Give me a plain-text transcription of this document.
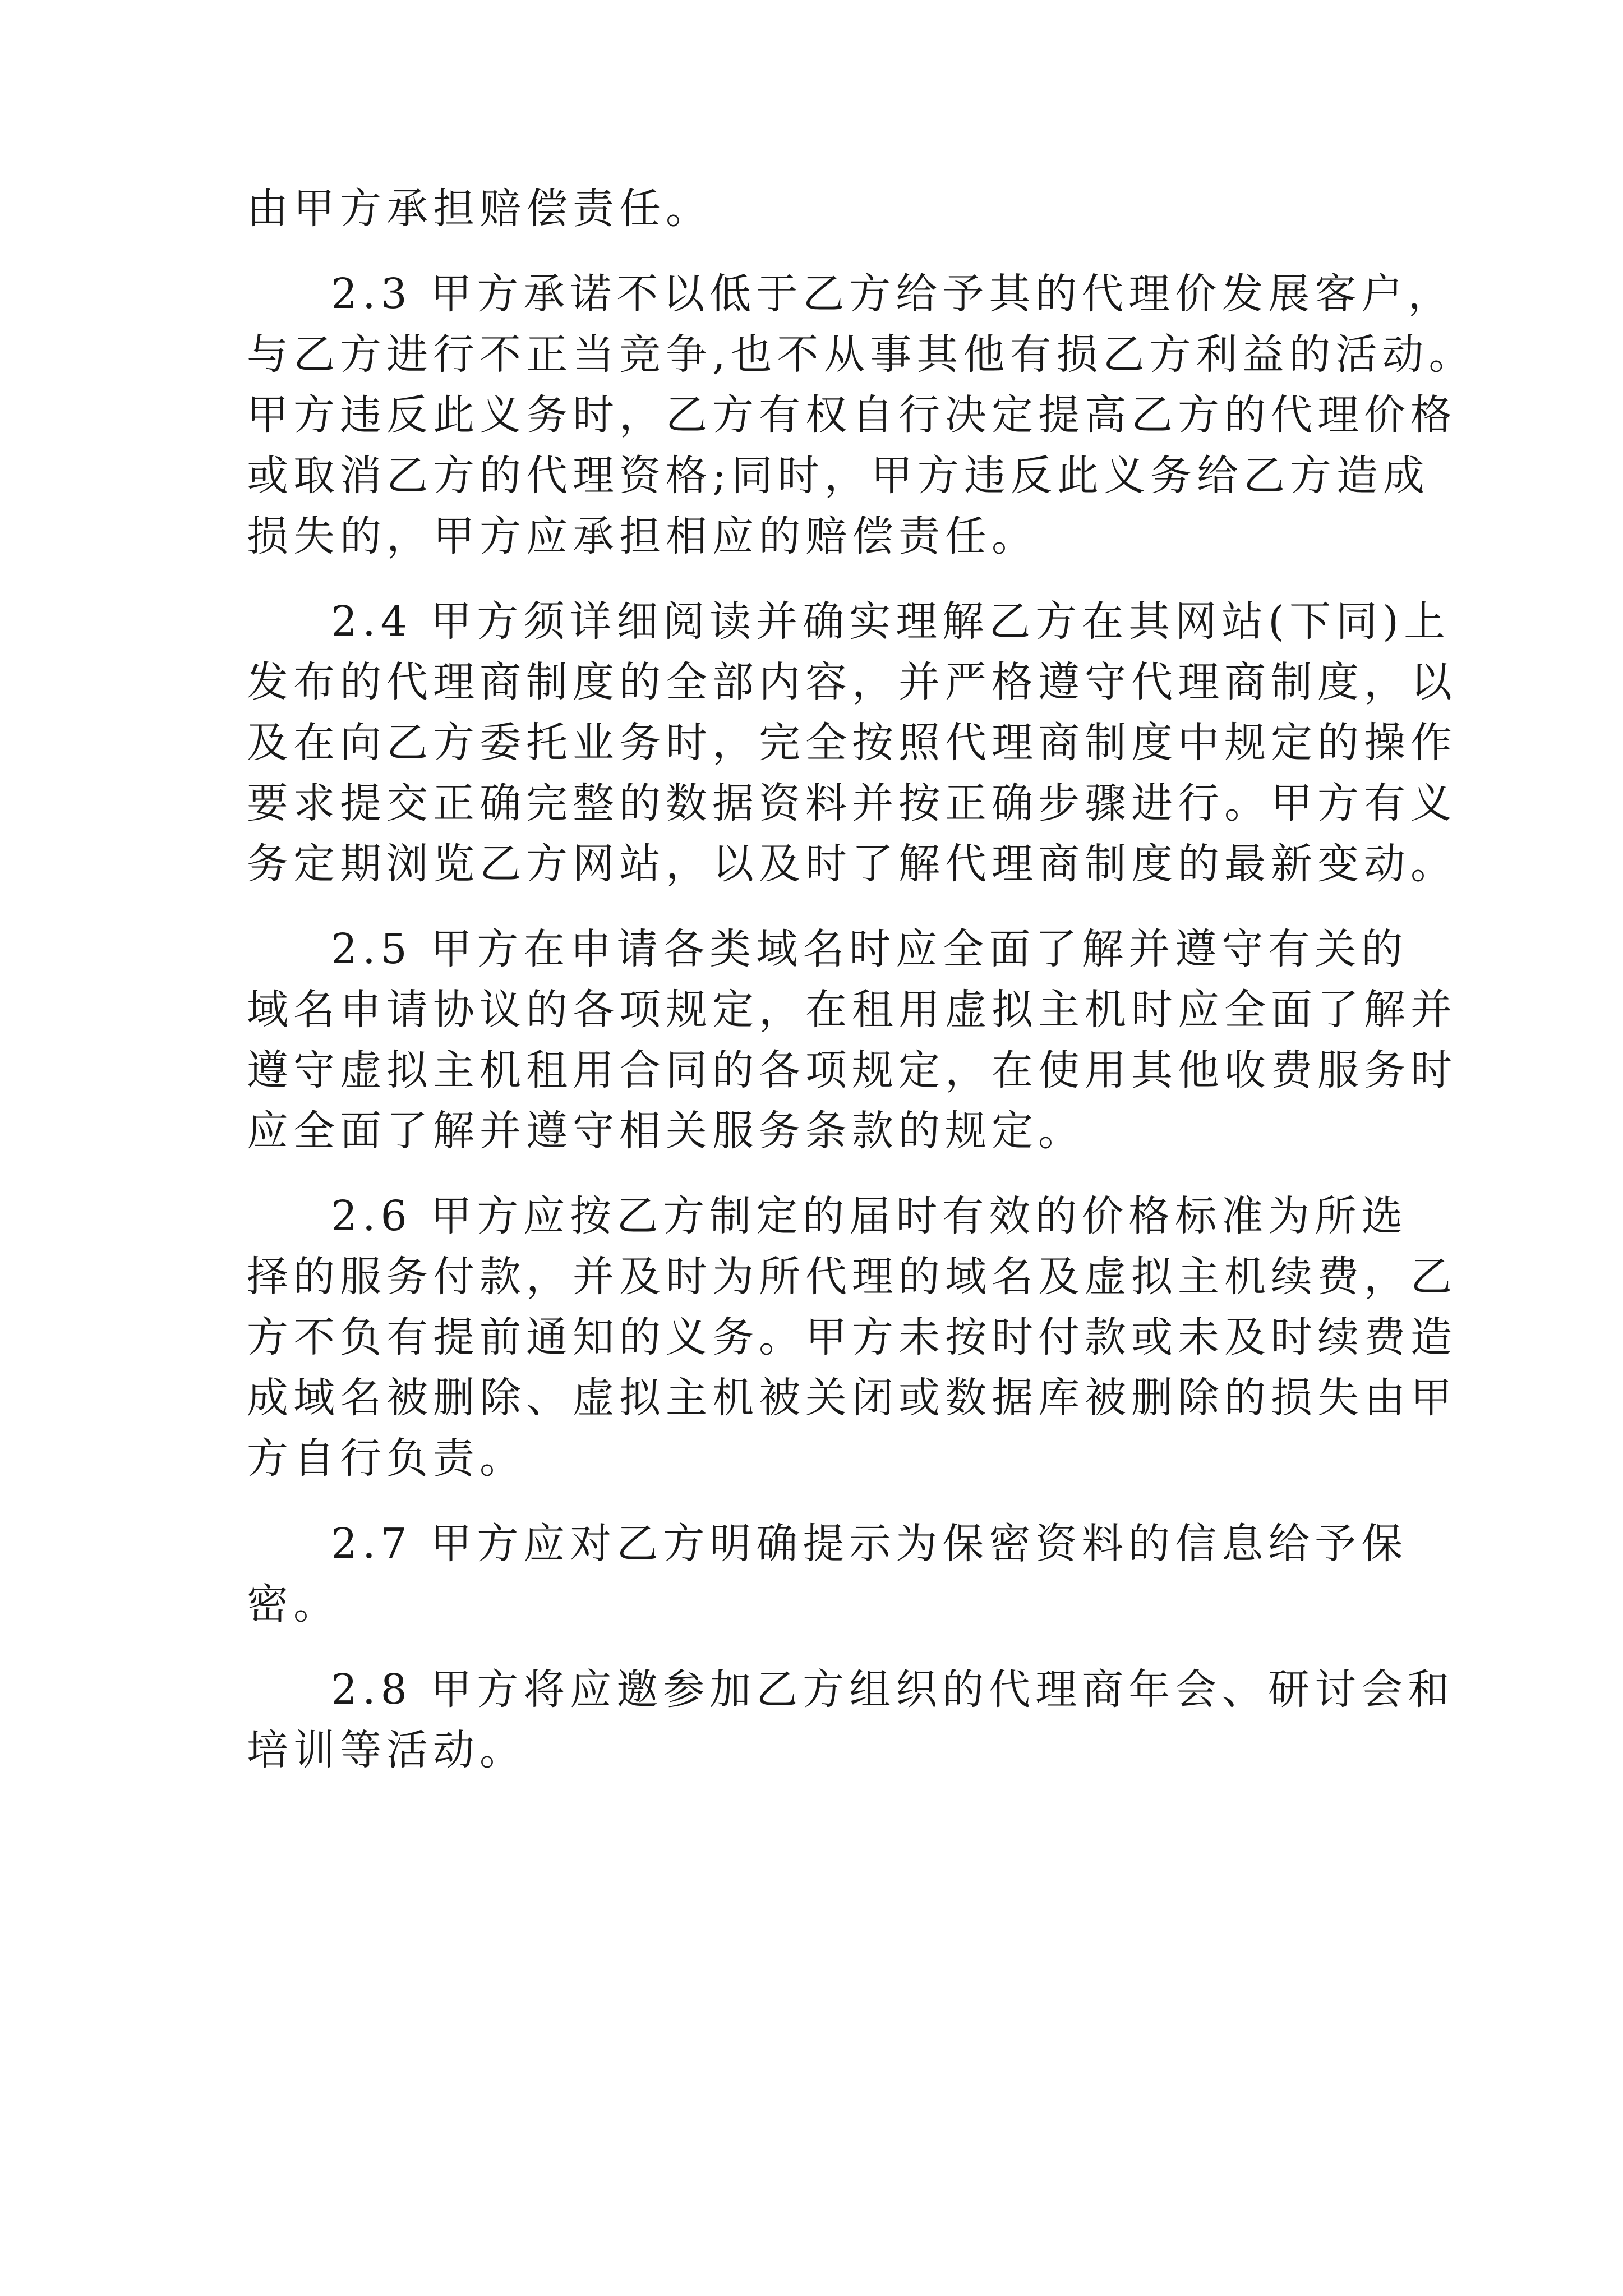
由甲方承担赔偿责任。
2.3 甲方承诺不以低于乙方给予其的代理价发展客户，
与乙方进行不正当竞争,也不从事其他有损乙方利益的活动。
甲方违反此义务时，乙方有权自行决定提高乙方的代理价格
或取消乙方的代理资格;同时，甲方违反此义务给乙方造成
损失的，甲方应承担相应的赔偿责任。
2.4 甲方须详细阅读并确实理解乙方在其网站(下同)上
发布的代理商制度的全部内容，并严格遵守代理商制度，以
及在向乙方委托业务时，完全按照代理商制度中规定的操作
要求提交正确完整的数据资料并按正确步骤进行。甲方有义
务定期浏览乙方网站，以及时了解代理商制度的最新变动。
2.5 甲方在申请各类域名时应全面了解并遵守有关的
域名申请协议的各项规定，在租用虚拟主机时应全面了解并
遵守虚拟主机租用合同的各项规定，在使用其他收费服务时
应全面了解并遵守相关服务条款的规定。
2.6 甲方应按乙方制定的届时有效的价格标准为所选
择的服务付款，并及时为所代理的域名及虚拟主机续费，乙
方不负有提前通知的义务。甲方未按时付款或未及时续费造
成域名被删除、虚拟主机被关闭或数据库被删除的损失由甲
方自行负责。
2.7 甲方应对乙方明确提示为保密资料的信息给予保
密。
2.8 甲方将应邀参加乙方组织的代理商年会、研讨会和
培训等活动。
